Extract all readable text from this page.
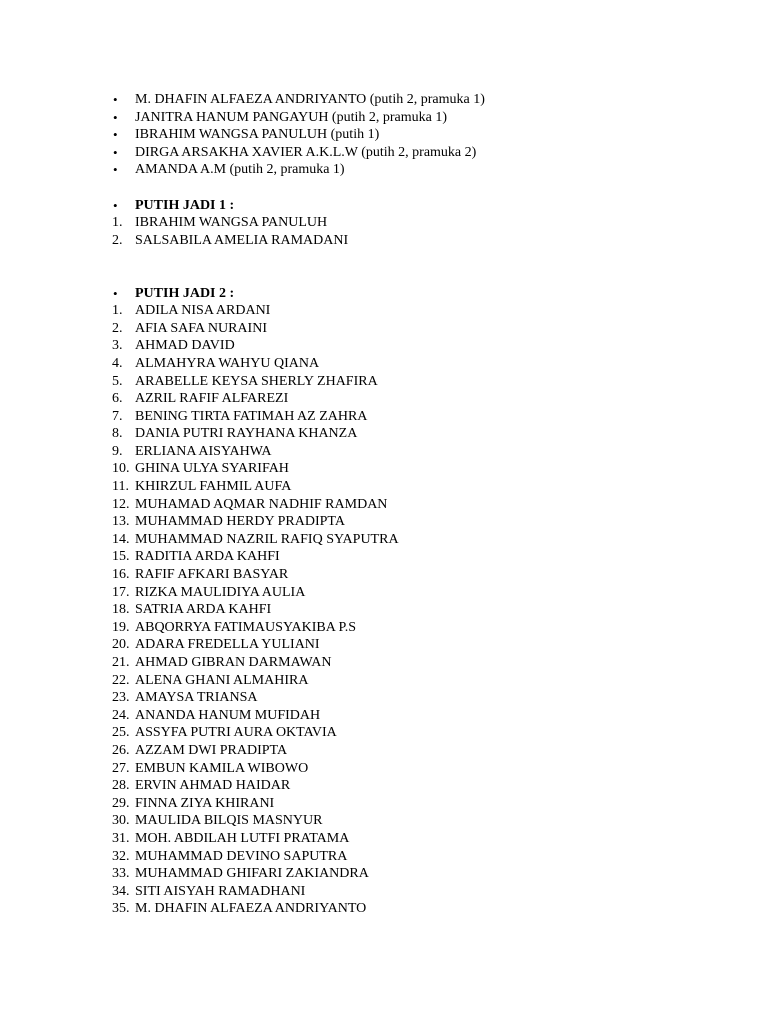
•	M. DHAFIN ALFAEZA ANDRIYANTO (putih 2, pramuka 1)
•	JANITRA HANUM PANGAYUH (putih 2, pramuka 1)
•	IBRAHIM WANGSA PANULUH (putih 1)
•	DIRGA ARSAKHA XAVIER A.K.L.W (putih 2, pramuka 2)
•	AMANDA A.M (putih 2, pramuka 1)
•	PUTIH JADI 1 :
1. IBRAHIM WANGSA PANULUH
2. SALSABILA AMELIA RAMADANI
•	PUTIH JADI 2 :
1. ADILA NISA ARDANI
2. AFIA SAFA NURAINI
3. AHMAD DAVID
4. ALMAHYRA WAHYU QIANA
5. ARABELLE KEYSA SHERLY ZHAFIRA
6. AZRIL RAFIF ALFAREZI
7. BENING TIRTA FATIMAH AZ ZAHRA
8. DANIA PUTRI RAYHANA KHANZA
9. ERLIANA AISYAHWA
10. GHINA ULYA SYARIFAH
11. KHIRZUL FAHMIL AUFA
12. MUHAMAD AQMAR NADHIF RAMDAN
13. MUHAMMAD HERDY PRADIPTA
14. MUHAMMAD NAZRIL RAFIQ SYAPUTRA
15. RADITIA ARDA KAHFI
16. RAFIF AFKARI BASYAR
17. RIZKA MAULIDIYA AULIA
18. SATRIA ARDA KAHFI
19. ABQORRYA FATIMAUSYAKIBA P.S
20. ADARA FREDELLA YULIANI
21. AHMAD GIBRAN DARMAWAN
22. ALENA GHANI ALMAHIRA
23. AMAYSA TRIANSA
24. ANANDA HANUM MUFIDAH
25. ASSYFA PUTRI AURA OKTAVIA
26. AZZAM DWI PRADIPTA
27. EMBUN KAMILA WIBOWO
28. ERVIN AHMAD HAIDAR
29. FINNA ZIYA KHIRANI
30. MAULIDA BILQIS MASNYUR
31. MOH. ABDILAH LUTFI PRATAMA
32. MUHAMMAD DEVINO SAPUTRA
33. MUHAMMAD GHIFARI ZAKIANDRA
34. SITI AISYAH RAMADHANI
35. M. DHAFIN ALFAEZA ANDRIYANTO
